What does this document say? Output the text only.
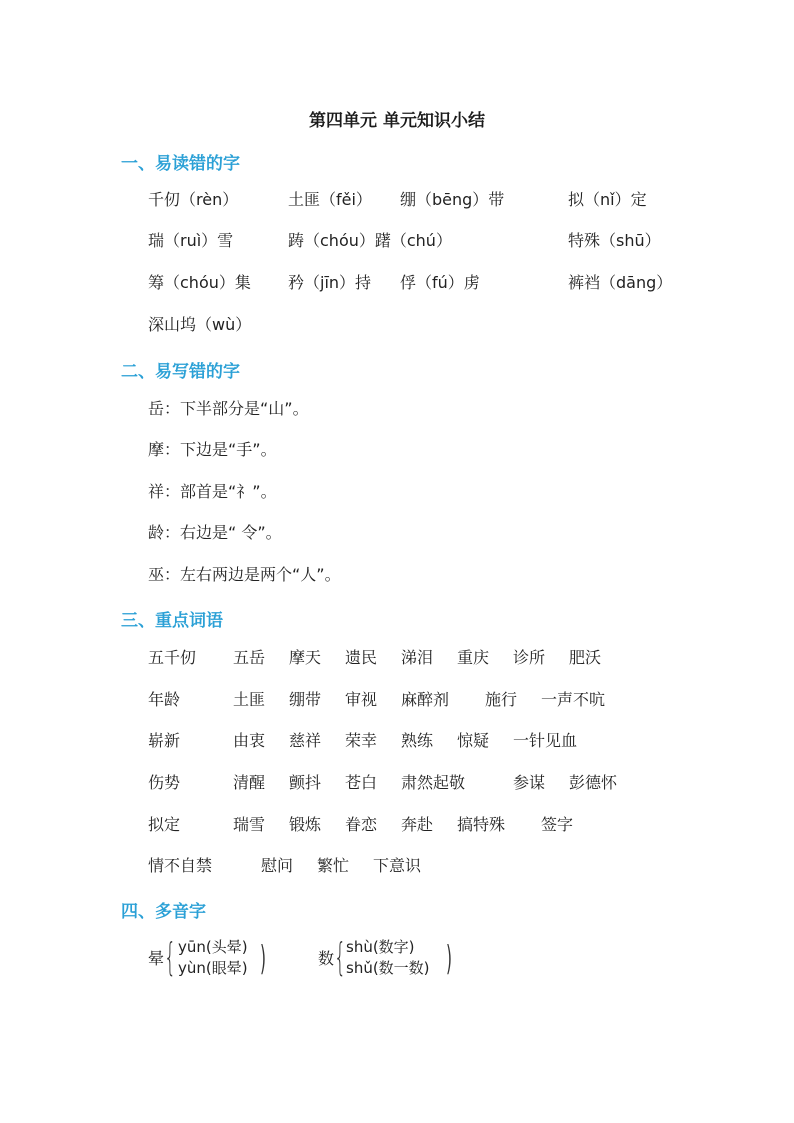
第四单元 单元知识小结
一、易读错的字
千仞（rèn）	土匪（fěi） 绷（bēng）带	拟（nǐ）定
瑞（ruì）雪	踌（chóu）躇（chú）	特殊（shū）
筹（chóu）集 矜（jīn）持 俘（fú）虏	裤裆（dāng）
深山坞（wù）
二、易写错的字
岳：下半部分是“山”。
摩：下边是“手”。
祥：部首是“礻”。
龄：右边是“ 令”。
巫：左右两边是两个“人”。
三、重点词语
五千仞 五岳 摩天 遗民 涕泪 重庆 诊所 肥沃
年龄	土匪 绷带 审视 麻醉剂 施行 一声不吭
崭新	由衷 慈祥 荣幸 熟练 惊疑 一针见血
伤势	清醒 颤抖 苍白 肃然起敬	参谋 彭德怀
拟定	瑞雪 锻炼 眷恋 奔赴 搞特殊 签字
情不自禁	慰问 繁忙 下意识
四、多音字
晕 { yūn(头晕)
yùn(眼晕) )	数 { shù(数字)
shǔ(数一数) )
